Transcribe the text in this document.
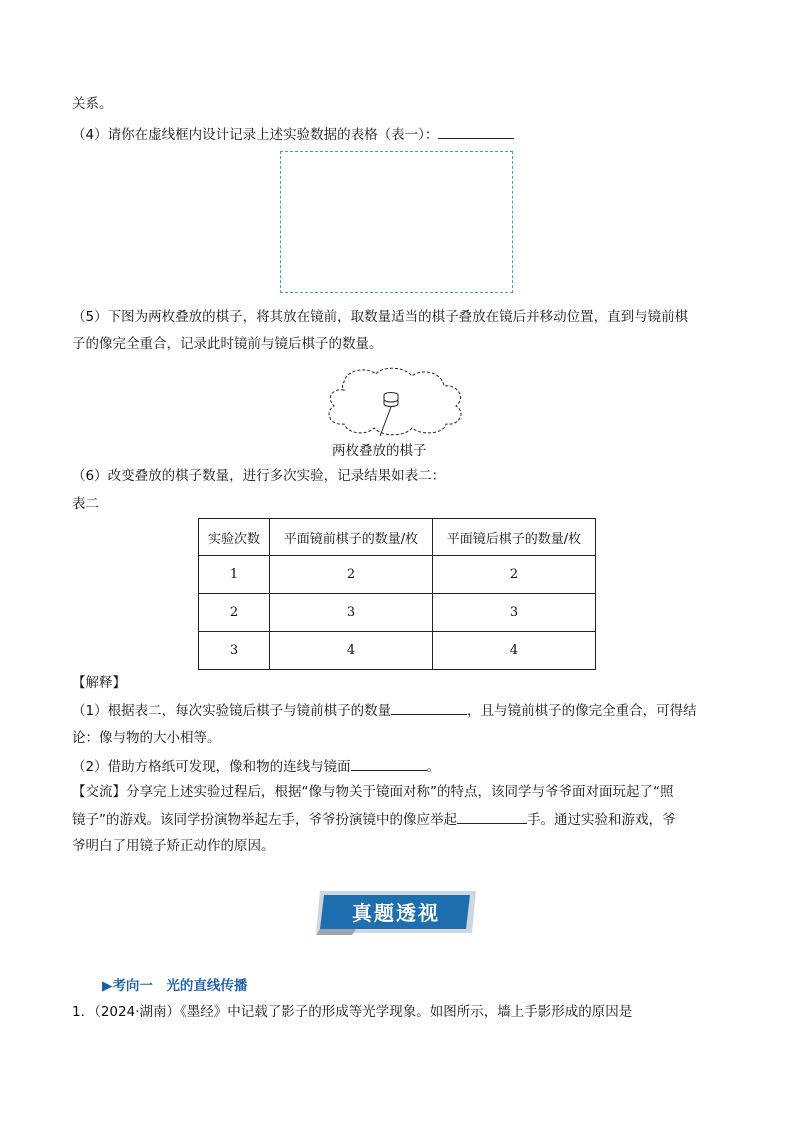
关系。
（4）请你在虚线框内设计记录上述实验数据的表格（表一）：
（5）下图为两枚叠放的棋子，将其放在镜前，取数量适当的棋子叠放在镜后并移动位置，直到与镜前棋
子的像完全重合，记录此时镜前与镜后棋子的数量。
两枚叠放的棋子
（6）改变叠放的棋子数量，进行多次实验，记录结果如表二：
表二
实验次数	平面镜前棋子的数量/枚	平面镜后棋子的数量/枚
1	2	2
2	3	3
3	4	4
【解释】
（1）根据表二，每次实验镜后棋子与镜前棋子的数量	，且与镜前棋子的像完全重合，可得结
论：像与物的大小相等。
（2）借助方格纸可发现，像和物的连线与镜面	。
【交流】分享完上述实验过程后，根据“像与物关于镜面对称”的特点，该同学与爷爷面对面玩起了“照
镜子”的游戏。该同学扮演物举起左手，爷爷扮演镜中的像应举起	手。通过实验和游戏，爷
爷明白了用镜子矫正动作的原因。
真题透视
▶考向一　光的直线传播
1．（2024·湖南）《墨经》中记载了影子的形成等光学现象。如图所示，墙上手影形成的原因是
